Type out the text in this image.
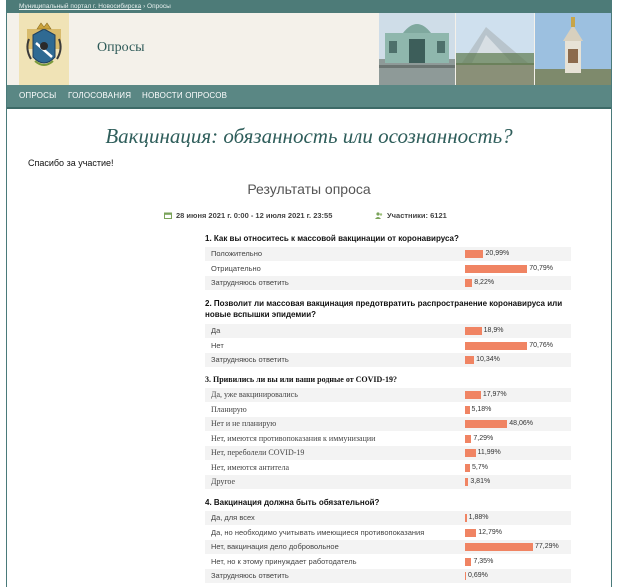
Муниципальный портал г. Новосибирска › Опросы
Опросы
ОПРОСЫ ГОЛОСОВАНИЯ НОВОСТИ ОПРОСОВ
Вакцинация: обязанность или осознанность?
Спасибо за участие!
Результаты опроса
28 июня 2021 г. 0:00 - 12 июля 2021 г. 23:55	Участники: 6121
1. Как вы относитесь к массовой вакцинации от коронавируса?
Положительно	20,99%
Отрицательно	70,79%
Затрудняюсь ответить	8,22%
2. Позволит ли массовая вакцинация предотвратить распространение коронавируса или новые вспышки эпидемии?
Да	18,9%
Нет	70,76%
Затрудняюсь ответить	10,34%
3. Привились ли вы или ваши родные от COVID-19?
Да, уже вакцинировались	17,97%
Планирую	5,18%
Нет и не планирую	48,06%
Нет, имеются противопоказания к иммунизации	7,29%
Нет, переболели COVID-19	11,99%
Нет, имеются антитела	5,7%
Другое	3,81%
4. Вакцинация должна быть обязательной?
Да, для всех	1,88%
Да, но необходимо учитывать имеющиеся противопоказания	12,79%
Нет, вакцинация дело добровольное	77,29%
Нет, но к этому принуждает работодатель	7,35%
Затрудняюсь ответить	0,69%
